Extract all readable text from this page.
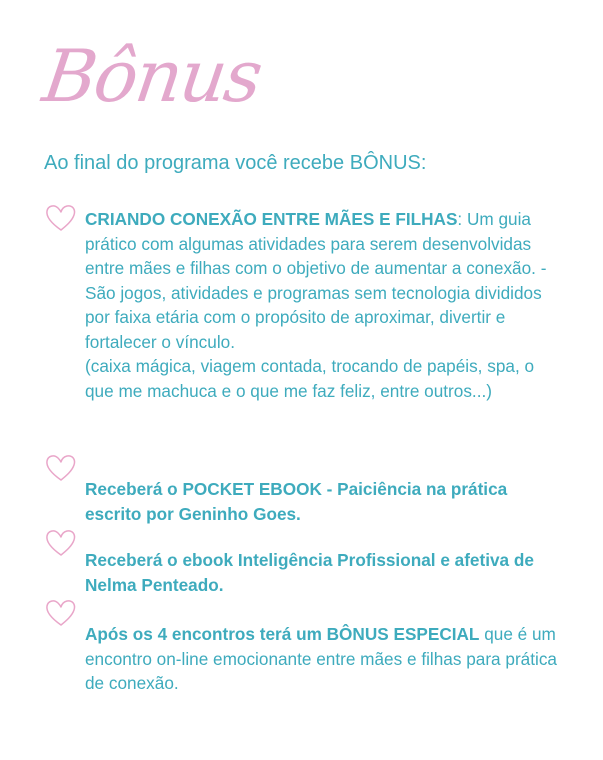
Bônus
Ao final do programa você recebe BÔNUS:

CRIANDO CONEXÃO ENTRE MÃES E FILHAS: Um guia prático com algumas atividades para serem desenvolvidas entre mães e filhas com o objetivo de aumentar a conexão. - São jogos, atividades e programas sem tecnologia divididos por faixa etária com o propósito de aproximar, divertir e fortalecer o vínculo.

(caixa mágica, viagem contada, trocando de papéis, spa, o que me machuca e o que me faz feliz, entre outros...)

Receberá o POCKET EBOOK - Paiciência na prática escrito por Geninho Goes.

Receberá o ebook Inteligência Profissional e afetiva de Nelma Penteado.

Após os 4 encontros terá um BÔNUS ESPECIAL que é um encontro on-line emocionante entre mães e filhas para prática de conexão.
